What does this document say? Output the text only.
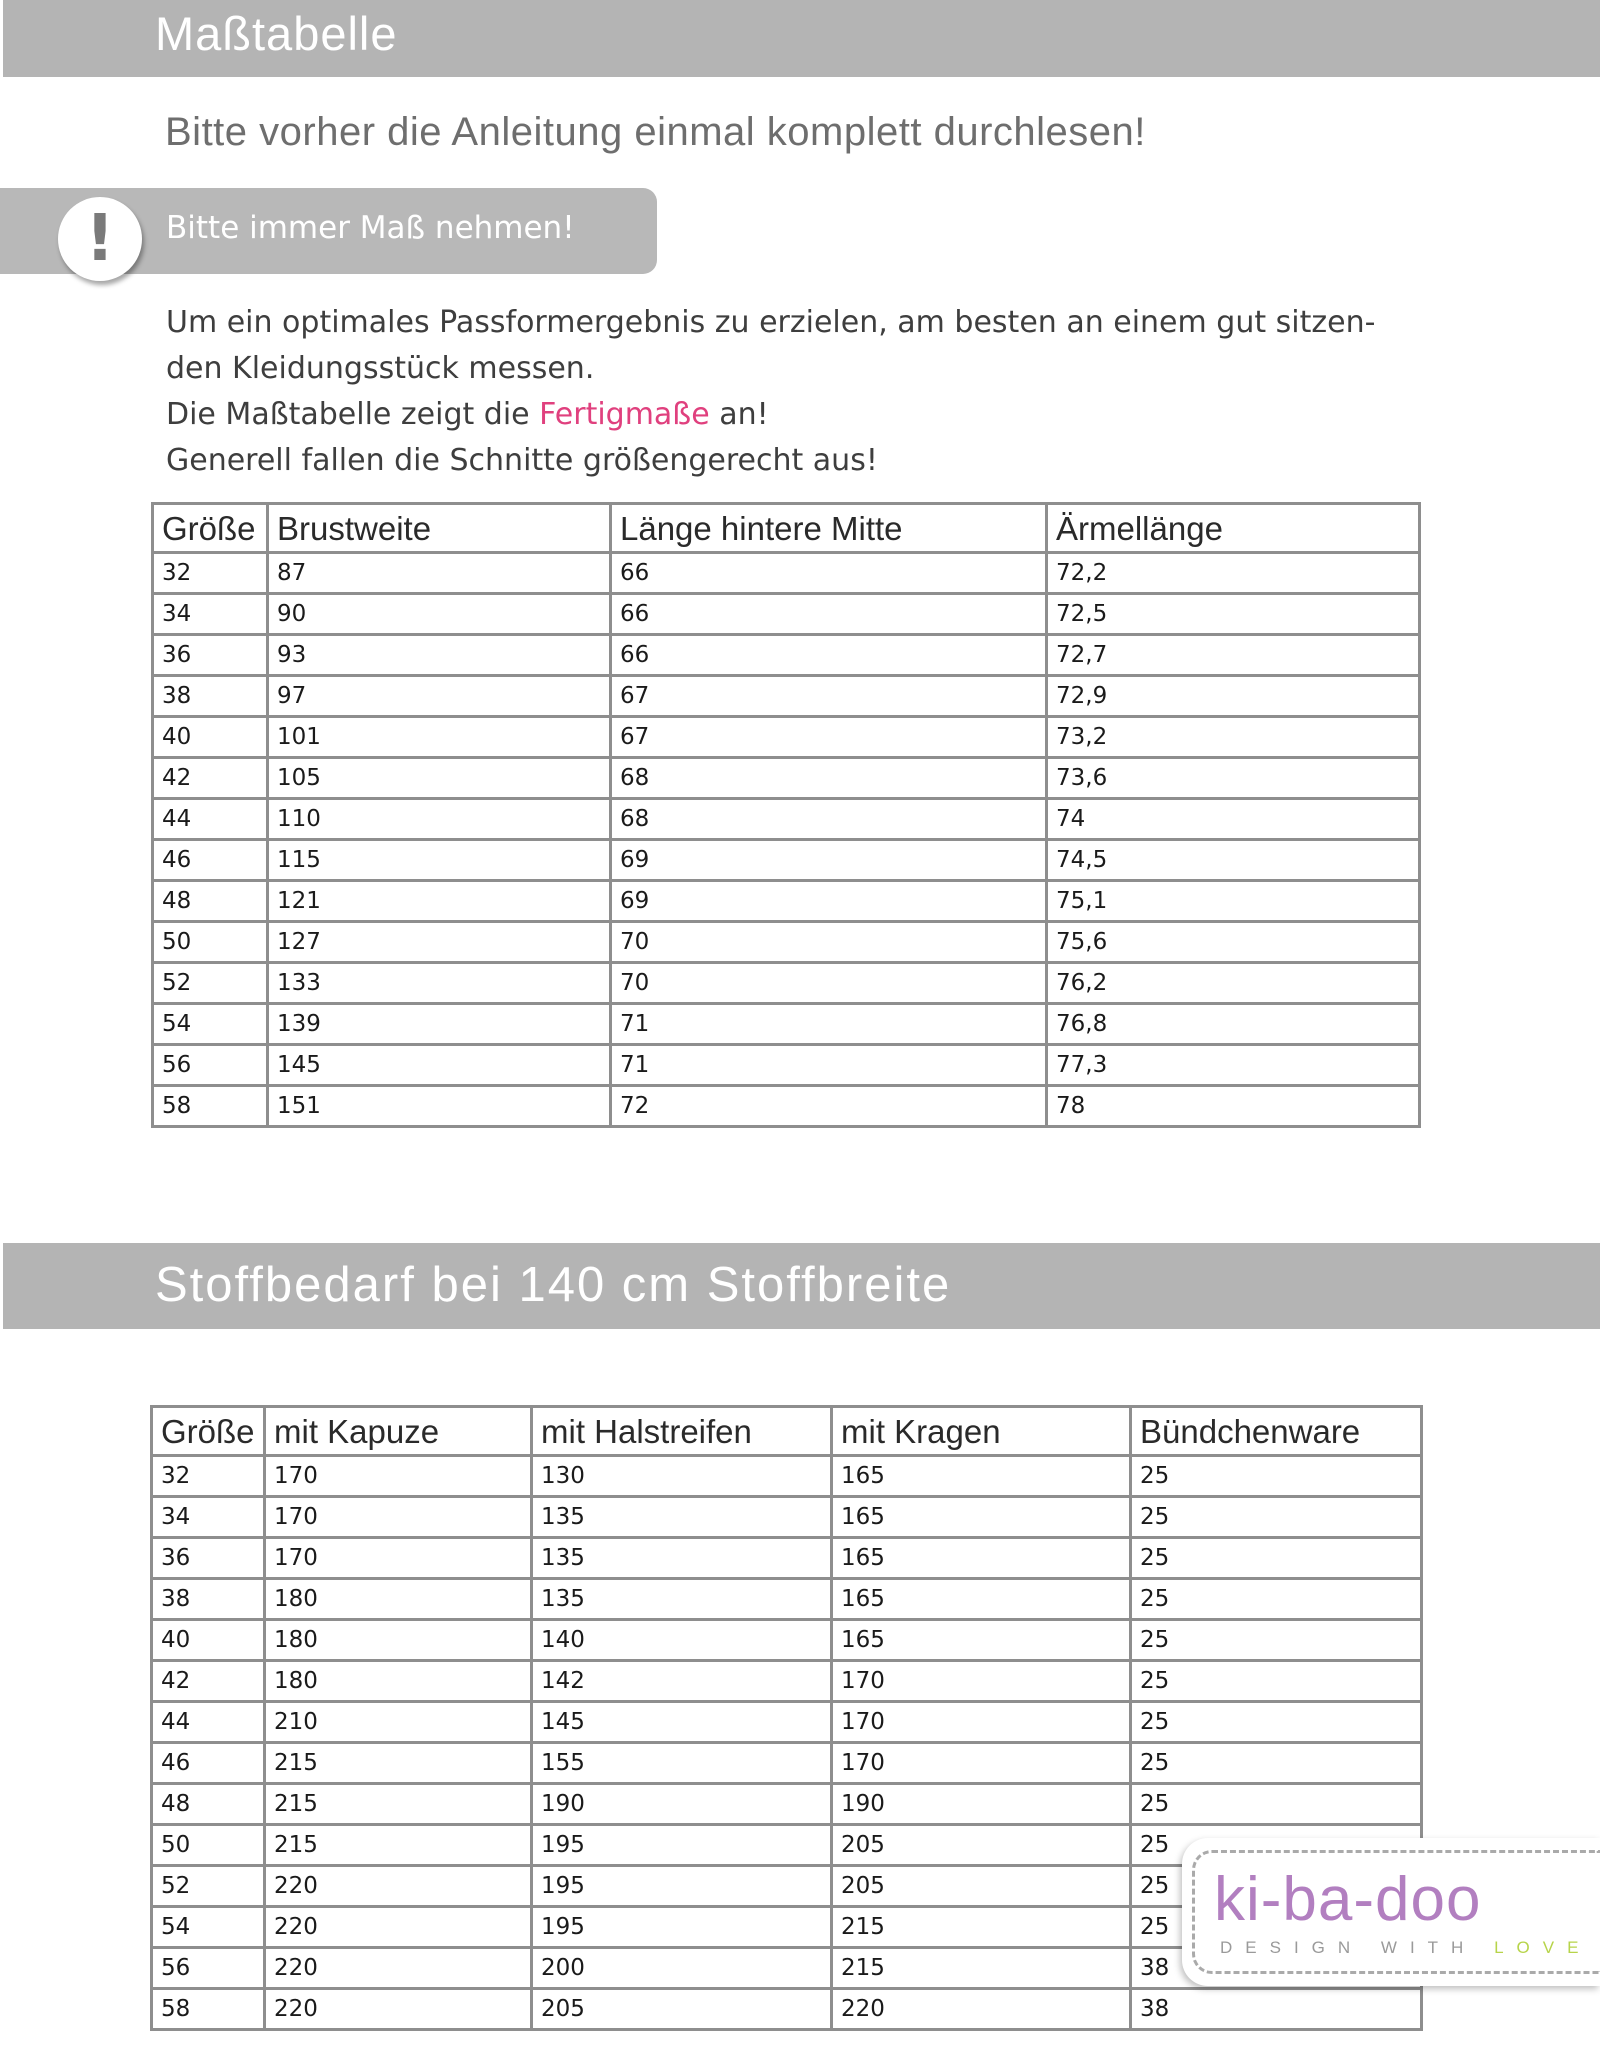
Maßtabelle
Bitte vorher die Anleitung einmal komplett durchlesen!
!	Bitte immer Maß nehmen!
Um ein optimales Passformergebnis zu erzielen, am besten an einem gut sitzen-
den Kleidungsstück messen.
Die Maßtabelle zeigt die Fertigmaße an!
Generell fallen die Schnitte größengerecht aus!
Größe	Brustweite	Länge hintere Mitte	Ärmellänge
32	87	66	72,2
34	90	66	72,5
36	93	66	72,7
38	97	67	72,9
40	101	67	73,2
42	105	68	73,6
44	110	68	74
46	115	69	74,5
48	121	69	75,1
50	127	70	75,6
52	133	70	76,2
54	139	71	76,8
56	145	71	77,3
58	151	72	78
Stoffbedarf bei 140 cm Stoffbreite
Größe	mit Kapuze	mit Halstreifen	mit Kragen	Bündchenware
32	170	130	165	25
34	170	135	165	25
36	170	135	165	25
38	180	135	165	25
40	180	140	165	25
42	180	142	170	25
44	210	145	170	25
46	215	155	170	25
48	215	190	190	25
50	215	195	205	25
52	220	195	205	25
54	220	195	215	25
56	220	200	215	38
58	220	205	220	38
ki-ba-doo
DESIGN WITH LOVE
